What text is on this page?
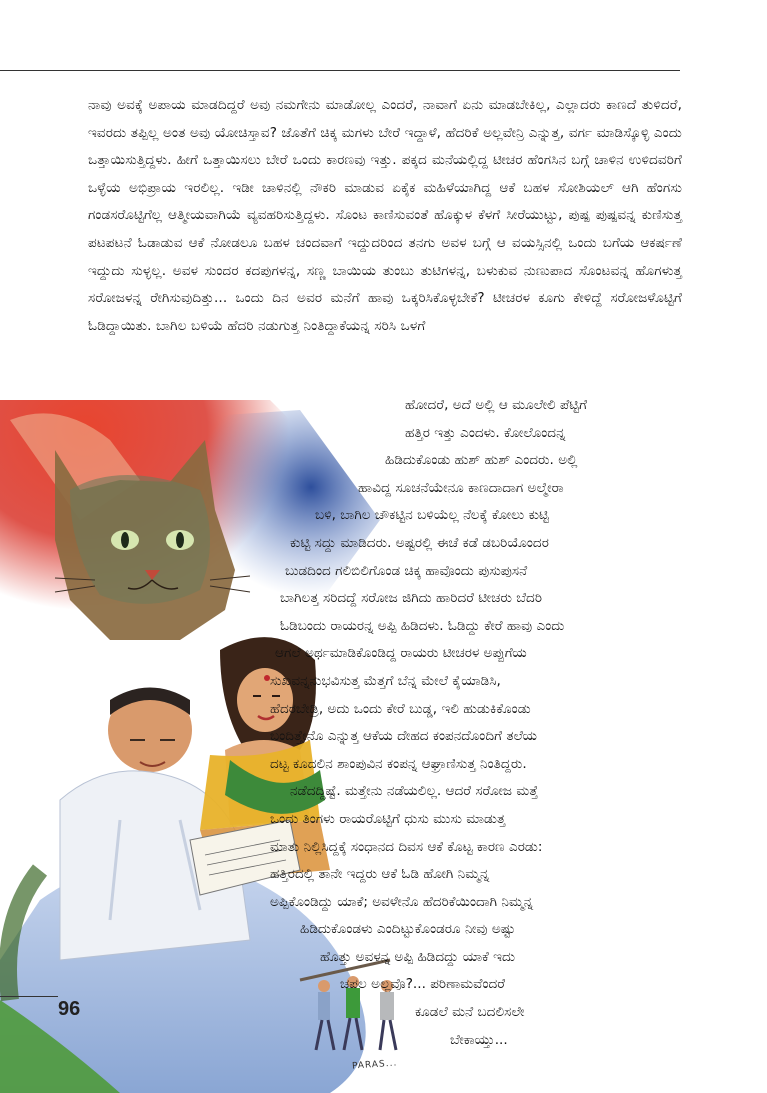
ನಾವು ಅವಕ್ಕೆ ಅಪಾಯ ಮಾಡದಿದ್ದರೆ ಅವು ನಮಗೇನು ಮಾಡೋಲ್ಲ ಎಂದರೆ, ನಾವಾಗೆ ಏನು ಮಾಡಬೇಕಿಲ್ಲ, ಎಲ್ಲಾದರು ಕಾಣದೆ ತುಳಿದರೆ, ಇವರದು ತಪ್ಪಿಲ್ಲ ಅಂತ ಅವು ಯೋಚಿಸ್ತಾವ? ಜೊತೆಗೆ ಚಿಕ್ಕ ಮಗಳು ಬೇರೆ ಇದ್ದಾಳೆ, ಹೆದರಿಕೆ ಅಲ್ಲವೇನ್ರಿ ಎನ್ನುತ್ತ, ವರ್ಗ ಮಾಡಿಸ್ಕೊಳ್ಳಿ ಎಂದು ಒತ್ತಾಯಿಸುತ್ತಿದ್ದಳು. ಹೀಗೆ ಒತ್ತಾಯಿಸಲು ಬೇರೆ ಒಂದು ಕಾರಣವು ಇತ್ತು. ಪಕ್ಕದ ಮನೆಯಲ್ಲಿದ್ದ ಟೀಚರ ಹೆಂಗಸಿನ ಬಗ್ಗೆ ಚಾಳಿನ ಉಳಿದವರಿಗೆ ಒಳ್ಳೆಯ ಅಭಿಪ್ರಾಯ ಇರಲಿಲ್ಲ. ಇಡೀ ಚಾಳಿನಲ್ಲಿ ನೌಕರಿ ಮಾಡುವ ಏಕೈಕ ಮಹಿಳೆಯಾಗಿದ್ದ ಆಕೆ ಬಹಳ ಸೋಶಿಯಲ್ ಆಗಿ ಹೆಂಗಸು ಗಂಡಸರೊಟ್ಟಿಗೆಲ್ಲ ಆತ್ಮೀಯವಾಗಿಯೆ ವ್ಯವಹರಿಸುತ್ತಿದ್ದಳು. ಸೊಂಟ ಕಾಣಿಸುವಂತೆ ಹೊಕ್ಕುಳ ಕೆಳಗೆ ಸೀರೆಯುಟ್ಟು, ಪುಷ್ಪ ಪುಷ್ಪವನ್ನ ಕುಣಿಸುತ್ತ ಪಟಪಟನೆ ಓಡಾಡುವ ಆಕೆ ನೋಡಲೂ ಬಹಳ ಚಂದವಾಗೆ ಇದ್ದುದರಿಂದ ತನಗು ಅವಳ ಬಗ್ಗೆ ಆ ವಯಸ್ಸಿನಲ್ಲಿ ಒಂದು ಬಗೆಯ ಆಕರ್ಷಣೆ ಇದ್ದುದು ಸುಳ್ಳಲ್ಲ. ಅವಳ ಸುಂದರ ಕದಪುಗಳನ್ನ, ಸಣ್ಣ ಬಾಯಿಯ ತುಂಬು ತುಟಿಗಳನ್ನ, ಬಳುಕುವ ನುಣುಪಾದ ಸೊಂಟವನ್ನ ಹೊಗಳುತ್ತ ಸರೋಜಳನ್ನ ರೇಗಿಸುವುದಿತ್ತು... ಒಂದು ದಿನ ಅವರ ಮನೆಗೆ ಹಾವು ಒಕ್ಕರಿಸಿಕೊಳ್ಳಬೇಕೆ? ಟೀಚರಳ ಕೂಗು ಕೇಳಿದ್ದೆ ಸರೋಜಳೊಟ್ಟಿಗೆ ಓಡಿದ್ದಾಯಿತು. ಬಾಗಿಲ ಬಳಿಯೆ ಹೆದರಿ ನಡುಗುತ್ತ ನಿಂತಿದ್ದಾಕೆಯನ್ನ ಸರಿಸಿ ಒಳಗೆ

ಹೋದರೆ, ಅದೆ ಅಲ್ಲಿ ಆ ಮೂಲೇಲಿ ಪೆಟ್ಟಿಗೆ
ಹತ್ತಿರ ಇತ್ತು ಎಂದಳು. ಕೋಲೊಂದನ್ನ
ಹಿಡಿದುಕೊಂಡು ಹುಶ್ ಹುಶ್ ಎಂದರು. ಅಲ್ಲಿ
ಹಾವಿದ್ದ ಸೂಚನೆಯೇನೂ ಕಾಣದಾದಾಗ ಅಲ್ಮೇರಾ
ಬಳಿ, ಬಾಗಿಲ ಚೌಕಟ್ಟಿನ ಬಳಿಯೆಲ್ಲ ನೆಲಕ್ಕೆ ಕೋಲು ಕುಟ್ಟಿ
ಕುಟ್ಟಿ ಸದ್ದು ಮಾಡಿದರು. ಅಷ್ಟರಲ್ಲಿ ಈಚೆ ಕಡೆ ಡಬರಿಯೊಂದರ
ಬುಡದಿಂದ ಗಲಿಬಿಲಿಗೊಂಡ ಚಿಕ್ಕ ಹಾವೊಂದು ಪುಸುಪುಸನೆ
ಬಾಗಿಲತ್ತ ಸರಿದದ್ದೆ ಸರೋಜ ಜಿಗಿದು ಹಾರಿದರೆ ಟೀಚರು ಬೆದರಿ
ಓಡಿಬಂದು ರಾಯರನ್ನ ಅಪ್ಪಿ ಹಿಡಿದಳು. ಓಡಿದ್ದು ಕೇರೆ ಹಾವು ಎಂದು
ಆಗಲೆ ಅರ್ಥಮಾಡಿಕೊಂಡಿದ್ದ ರಾಯರು ಟೀಚರಳ ಅಪ್ಪುಗೆಯ
ಸುಖವನ್ನನುಭವಿಸುತ್ತ ಮೆತ್ತಗೆ ಬೆನ್ನ ಮೇಲೆ ಕೈಯಾಡಿಸಿ,
ಹೆದರಬೇಡ್ರಿ, ಅದು ಒಂದು ಕೇರೆ ಬುಡ್ಡ, ಇಲಿ ಹುಡುಕಿಕೊಂಡು
ಬಂದಿತ್ತೇನೊ ಎನ್ನುತ್ತ ಆಕೆಯ ದೇಹದ ಕಂಪನದೊಂದಿಗೆ ತಲೆಯ
ದಟ್ಟ ಕೂದಲಿನ ಶಾಂಪುವಿನ ಕಂಪನ್ನ ಆಘ್ರಾಣಿಸುತ್ತ ನಿಂತಿದ್ದರು.
ನಡೆದದ್ದಿಷ್ಟೆ. ಮತ್ತೇನು ನಡೆಯಲಿಲ್ಲ. ಆದರೆ ಸರೋಜ ಮತ್ತೆ
ಒಂದು ತಿಂಗಳು ರಾಯರೊಟ್ಟಿಗೆ ಧುಸು ಮುಸು ಮಾಡುತ್ತ
ಮಾತು ನಿಲ್ಲಿಸಿದ್ದಕ್ಕೆ ಸಂಧಾನದ ದಿವಸ ಆಕೆ ಕೊಟ್ಟ ಕಾರಣ ಎರಡು:
ಹತ್ತಿರದಲ್ಲಿ ತಾನೇ ಇದ್ದರು ಆಕೆ ಓಡಿ ಹೋಗಿ ನಿಮ್ಮನ್ನ
ಅಪ್ಪಿಕೊಂಡಿದ್ದು ಯಾಕೆ; ಅವಳೇನೊ ಹೆದರಿಕೆಯಿಂದಾಗಿ ನಿಮ್ಮನ್ನ
ಹಿಡಿದುಕೊಂಡಳು ಎಂದಿಟ್ಟುಕೊಂಡರೂ ನೀವು ಅಷ್ಟು
ಹೊತ್ತು ಅವಳನ್ನ ಅಪ್ಪಿ ಹಿಡಿದದ್ದು ಯಾಕೆ ಇದು
ಚಪಲ ಅಲ್ಲವೊ?... ಪರಿಣಾಮವೆಂದರೆ
ಕೂಡಲೆ ಮನೆ ಬದಲಿಸಲೇ
ಬೇಕಾಯ್ತು...
96
PARAS...
